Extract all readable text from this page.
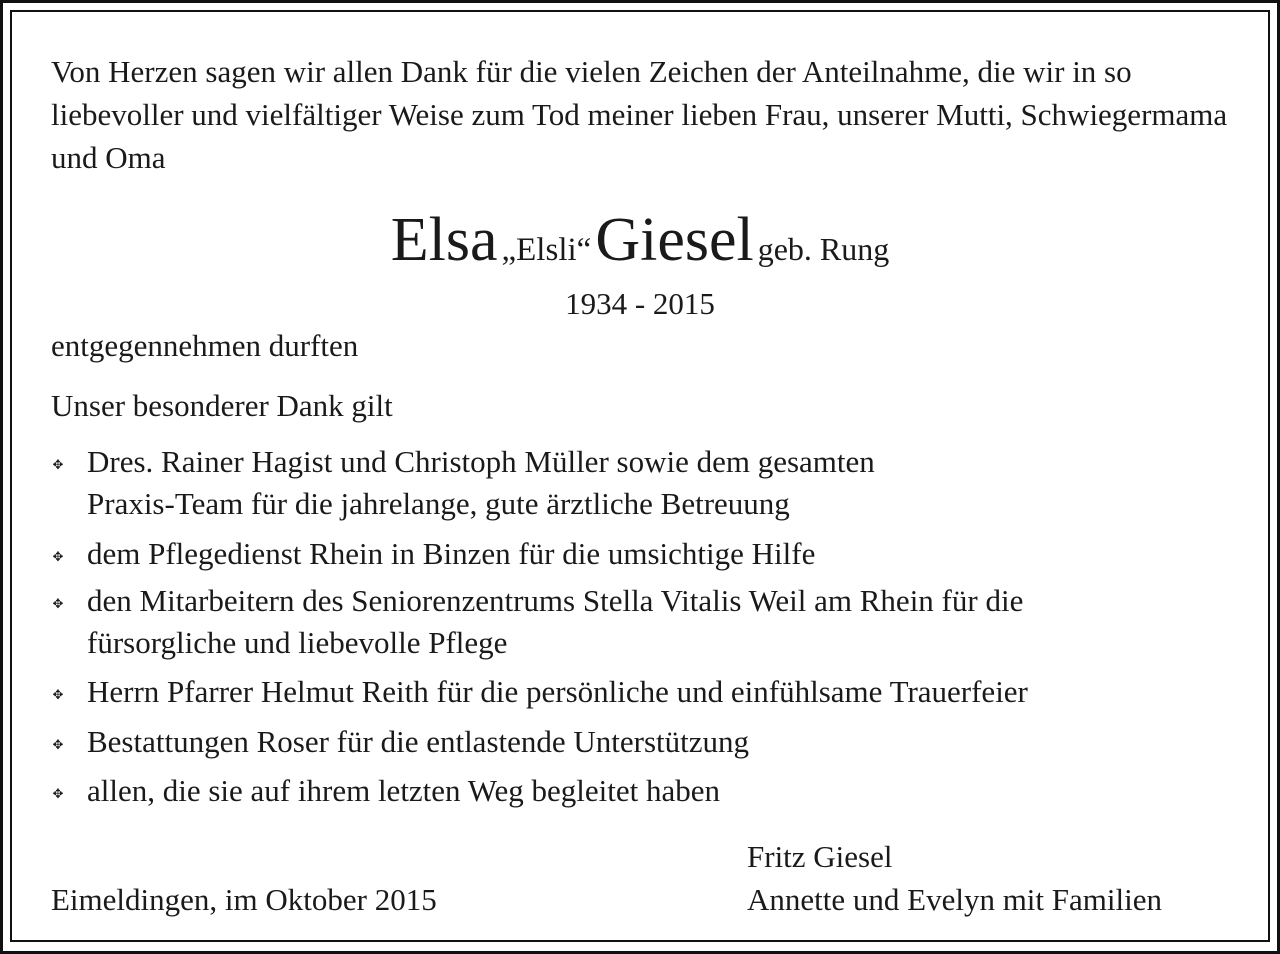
Von Herzen sagen wir allen Dank für die vielen Zeichen der Anteilnahme, die wir in so liebevoller und vielfältiger Weise zum Tod meiner lieben Frau, unserer Mutti, Schwiegermama und Oma

Elsa „Elsli“ Giesel geb. Rung
1934 - 2015

entgegennehmen durften

Unser besonderer Dank gilt

✥ Dres. Rainer Hagist und Christoph Müller sowie dem gesamten
Praxis-Team für die jahrelange, gute ärztliche Betreuung
✥ dem Pflegedienst Rhein in Binzen für die umsichtige Hilfe
✥ den Mitarbeitern des Seniorenzentrums Stella Vitalis Weil am Rhein für die
fürsorgliche und liebevolle Pflege
✥ Herrn Pfarrer Helmut Reith für die persönliche und einfühlsame Trauerfeier
✥ Bestattungen Roser für die entlastende Unterstützung
✥ allen, die sie auf ihrem letzten Weg begleitet haben

Fritz Giesel

Eimeldingen, im Oktober 2015	Annette und Evelyn mit Familien
